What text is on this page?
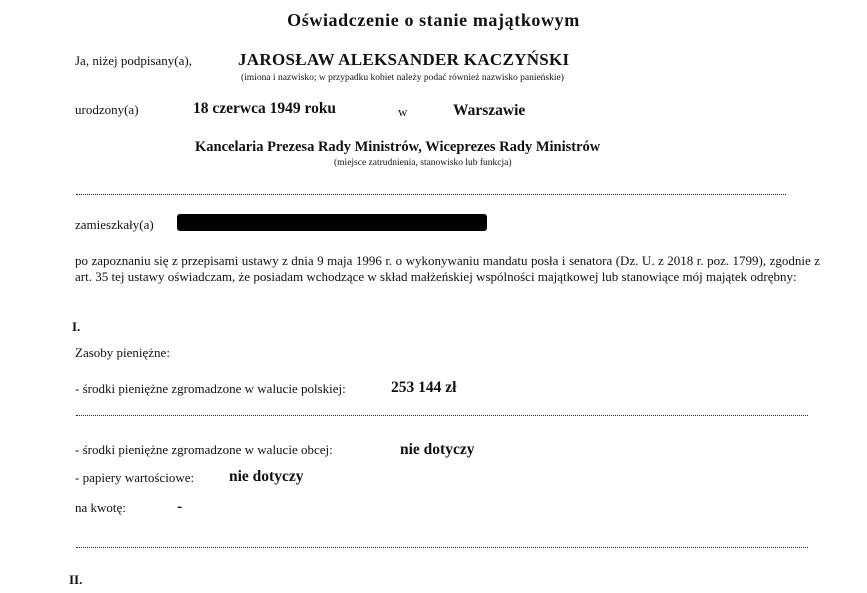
Oświadczenie o stanie majątkowym
Ja, niżej podpisany(a),	JAROSŁAW ALEKSANDER KACZYŃSKI
(imiona i nazwisko; w przypadku kobiet należy podać również nazwisko panieńskie)
urodzony(a)	18 czerwca 1949 roku	w	Warszawie
Kancelaria Prezesa Rady Ministrów, Wiceprezes Rady Ministrów
(miejsce zatrudnienia, stanowisko lub funkcja)
zamieszkały(a)
po zapoznaniu się z przepisami ustawy z dnia 9 maja 1996 r. o wykonywaniu mandatu posła i senatora (Dz. U. z 2018 r. poz. 1799), zgodnie z art. 35 tej ustawy oświadczam, że posiadam wchodzące w skład małżeńskiej wspólności majątkowej lub stanowiące mój majątek odrębny:
I.
Zasoby pieniężne:
- środki pieniężne zgromadzone w walucie polskiej:	253 144 zł
- środki pieniężne zgromadzone w walucie obcej:	nie dotyczy
- papiery wartościowe: nie dotyczy
na kwotę:	-
II.
